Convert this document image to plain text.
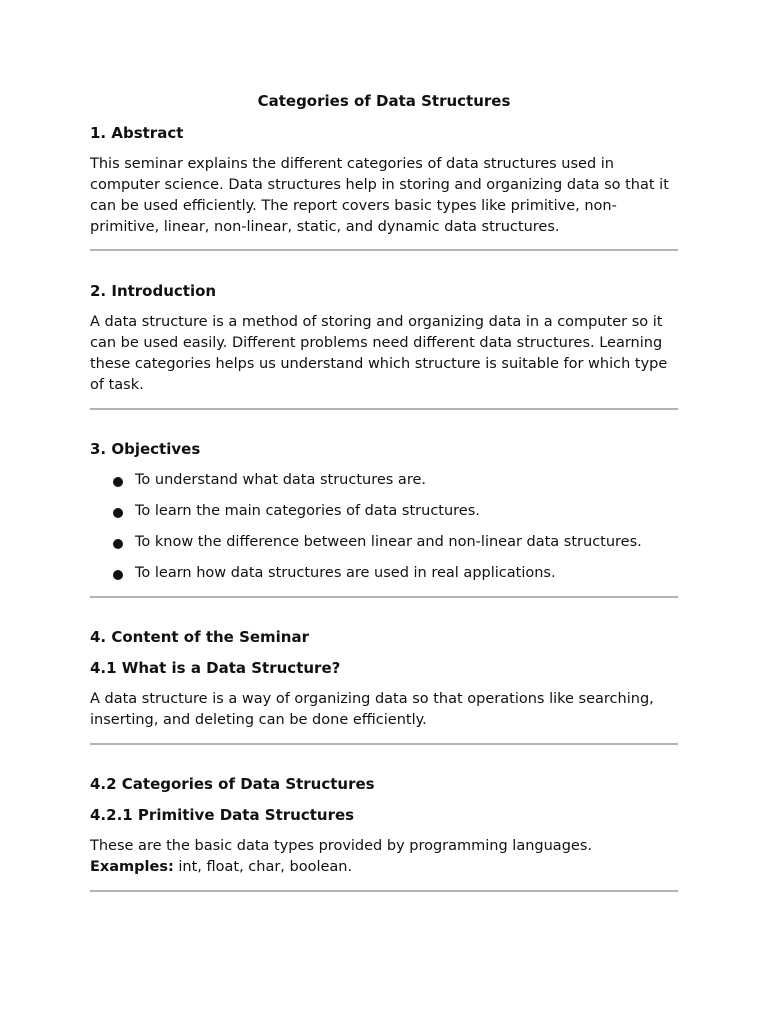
Categories of Data Structures
1. Abstract

This seminar explains the different categories of data structures used in computer science. Data structures help in storing and organizing data so that it can be used efficiently. The report covers basic types like primitive, non-primitive, linear, non-linear, static, and dynamic data structures.

2. Introduction

A data structure is a method of storing and organizing data in a computer so it can be used easily. Different problems need different data structures. Learning these categories helps us understand which structure is suitable for which type of task.

3. Objectives
To understand what data structures are.
To learn the main categories of data structures.
To know the difference between linear and non-linear data structures.
To learn how data structures are used in real applications.
4. Content of the Seminar
4.1 What is a Data Structure?

A data structure is a way of organizing data so that operations like searching, inserting, and deleting can be done efficiently.

4.2 Categories of Data Structures
4.2.1 Primitive Data Structures

These are the basic data types provided by programming languages.
Examples: int, float, char, boolean.
